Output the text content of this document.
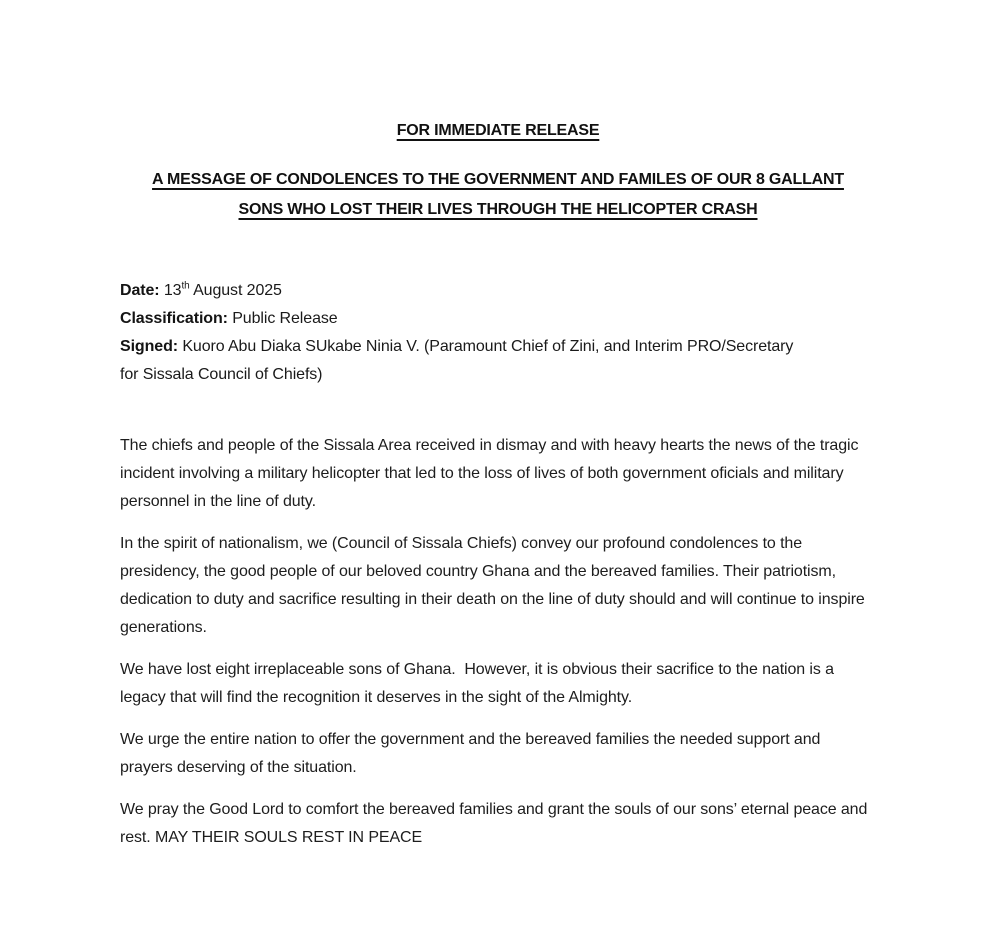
FOR IMMEDIATE RELEASE
A MESSAGE OF CONDOLENCES TO THE GOVERNMENT AND FAMILES OF OUR 8 GALLANT
SONS WHO LOST THEIR LIVES THROUGH THE HELICOPTER CRASH
Date: 13th August 2025
Classification: Public Release
Signed: Kuoro Abu Diaka SUkabe Ninia V. (Paramount Chief of Zini, and Interim PRO/Secretary for Sissala Council of Chiefs)

The chiefs and people of the Sissala Area received in dismay and with heavy hearts the news of the tragic incident involving a military helicopter that led to the loss of lives of both government oficials and military personnel in the line of duty.

In the spirit of nationalism, we (Council of Sissala Chiefs) convey our profound condolences to the presidency, the good people of our beloved country Ghana and the bereaved families. Their patriotism, dedication to duty and sacrifice resulting in their death on the line of duty should and will continue to inspire generations.

We have lost eight irreplaceable sons of Ghana.  However, it is obvious their sacrifice to the nation is a legacy that will find the recognition it deserves in the sight of the Almighty.

We urge the entire nation to offer the government and the bereaved families the needed support and prayers deserving of the situation.

We pray the Good Lord to comfort the bereaved families and grant the souls of our sons’ eternal peace and rest. MAY THEIR SOULS REST IN PEACE
